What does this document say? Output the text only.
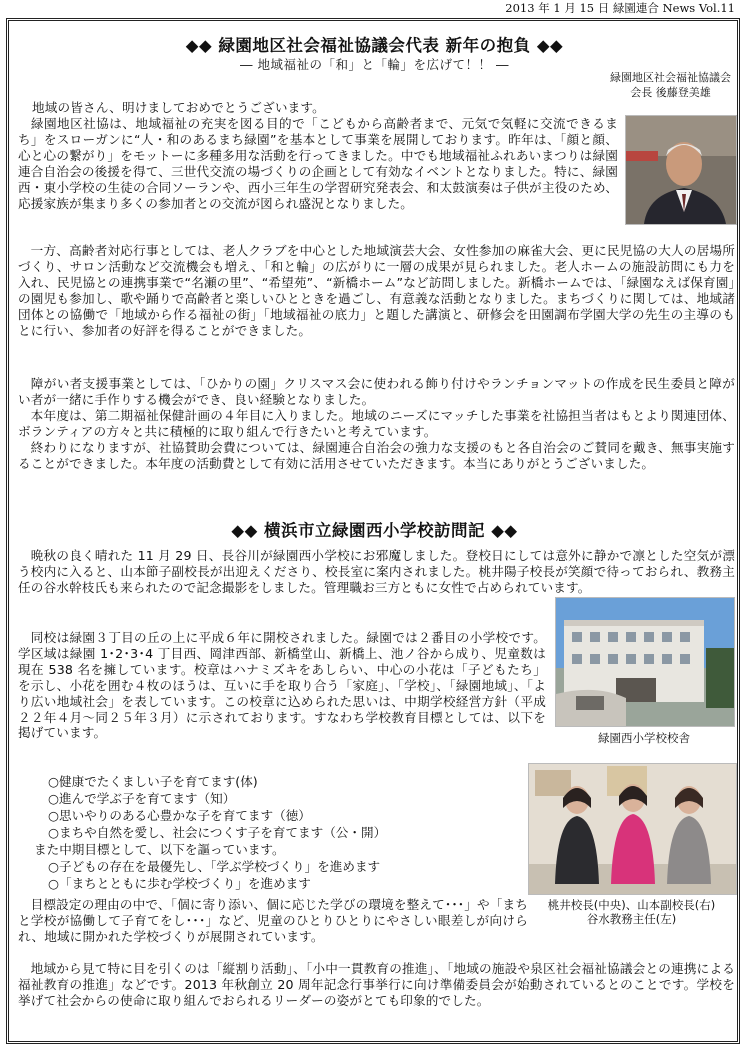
2013 年 1 月 15 日 緑園連合 News Vol.11
◆◆ 緑園地区社会福祉協議会代表 新年の抱負 ◆◆
― 地域福祉の「和」と「輪」を広げて！！ ―
緑園地区社会福祉協議会
会長 後藤登美雄

地域の皆さん、明けましておめでとうございます。

緑園地区社協は、地域福祉の充実を図る目的で「こどもから高齢者まで、元気で気軽に交流できるまち」をスローガンに“人・和のあるまち緑園”を基本として事業を展開しております。昨年は、「顔と顔、心と心の繋がり」をモットーに多種多用な活動を行ってきました。中でも地域福祉ふれあいまつりは緑園連合自治会の後援を得て、三世代交流の場づくりの企画として有効なイベントとなりました。特に、緑園西・東小学校の生徒の合同ソーランや、西小三年生の学習研究発表会、和太鼓演奏は子供が主役のため、応援家族が集まり多くの参加者との交流が図られ盛況となりました。
一方、高齢者対応行事としては、老人クラブを中心とした地域演芸大会、女性参加の麻雀大会、更に民児協の大人の居場所づくり、サロン活動など交流機会も増え、「和と輪」の広がりに一層の成果が見られました。老人ホームの施設訪問にも力を入れ、民児協との連携事業で“名瀬の里”、“希望苑”、“新橋ホーム”など訪問しました。新橋ホームでは、「緑園なえば保育園」の園児も参加し、歌や踊りで高齢者と楽しいひとときを過ごし、有意義な活動となりました。まちづくりに関しては、地域諸団体との協働で「地域から作る福祉の街」「地域福祉の底力」と題した講演と、研修会を田園調布学園大学の先生の主導のもとに行い、参加者の好評を得ることができました。
障がい者支援事業としては、「ひかりの園」クリスマス会に使われる飾り付けやランチョンマットの作成を民生委員と障がい者が一緒に手作りする機会ができ、良い経験となりました。
本年度は、第二期福祉保健計画の４年目に入りました。地域のニーズにマッチした事業を社協担当者はもとより関連団体、ボランティアの方々と共に積極的に取り組んで行きたいと考えています。
終わりになりますが、社協賛助会費については、緑園連合自治会の強力な支援のもと各自治会のご賛同を戴き、無事実施することができました。本年度の活動費として有効に活用させていただきます。本当にありがとうございました。
◆◆ 横浜市立緑園西小学校訪問記 ◆◆
晩秋の良く晴れた 11 月 29 日、長谷川が緑園西小学校にお邪魔しました。登校日にしては意外に静かで凛とした空気が漂う校内に入ると、山本節子副校長が出迎えくださり、校長室に案内されました。桃井陽子校長が笑顔で待っておられ、教務主任の谷水幹枝氏も来られたので記念撮影をしました。管理職お三方ともに女性で占められています。
同校は緑園３丁目の丘の上に平成６年に開校されました。緑園では２番目の小学校です。学区域は緑園 1･2･3･4 丁目西、岡津西部、新橋堂山、新橋上、池ノ谷から成り、児童数は現在 538 名を擁しています。校章はハナミズキをあしらい、中心の小花は「子どもたち」を示し、小花を囲む４枚のほうは、互いに手を取り合う「家庭」、「学校」、「緑園地域」、「より広い地域社会」を表しています。この校章に込められた思いは、中期学校経営方針（平成２２年４月～同２５年３月）に示されております。すなわち学校教育目標としては、以下を掲げています。	緑園西小学校校舎
○健康でたくましい子を育てます(体)
○進んで学ぶ子を育てます（知）
○思いやりのある心豊かな子を育てます（徳）
○まちや自然を愛し、社会につくす子を育てます（公・開）
また中期目標として、以下を謳っています。
○子どもの存在を最優先し、「学ぶ学校づくり」を進めます
○「まちとともに歩む学校づくり」を進めます
目標設定の理由の中で、「個に寄り添い、個に応じた学びの環境を整えて･･･」や「まちと学校が協働して子育てをし･･･」など、児童のひとりひとりにやさしい眼差しが向けられ、地域に開かれた学校づくりが展開されています。
桃井校長(中央)、山本副校長(右)
谷水教務主任(左)
地域から見て特に目を引くのは「縦割り活動」、「小中一貫教育の推進」、「地域の施設や泉区社会福祉協議会との連携による福祉教育の推進」などです。2013 年秋創立 20 周年記念行事挙行に向け準備委員会が始動されているとのことです。学校を挙げて社会からの使命に取り組んでおられるリーダーの姿がとても印象的でした。
